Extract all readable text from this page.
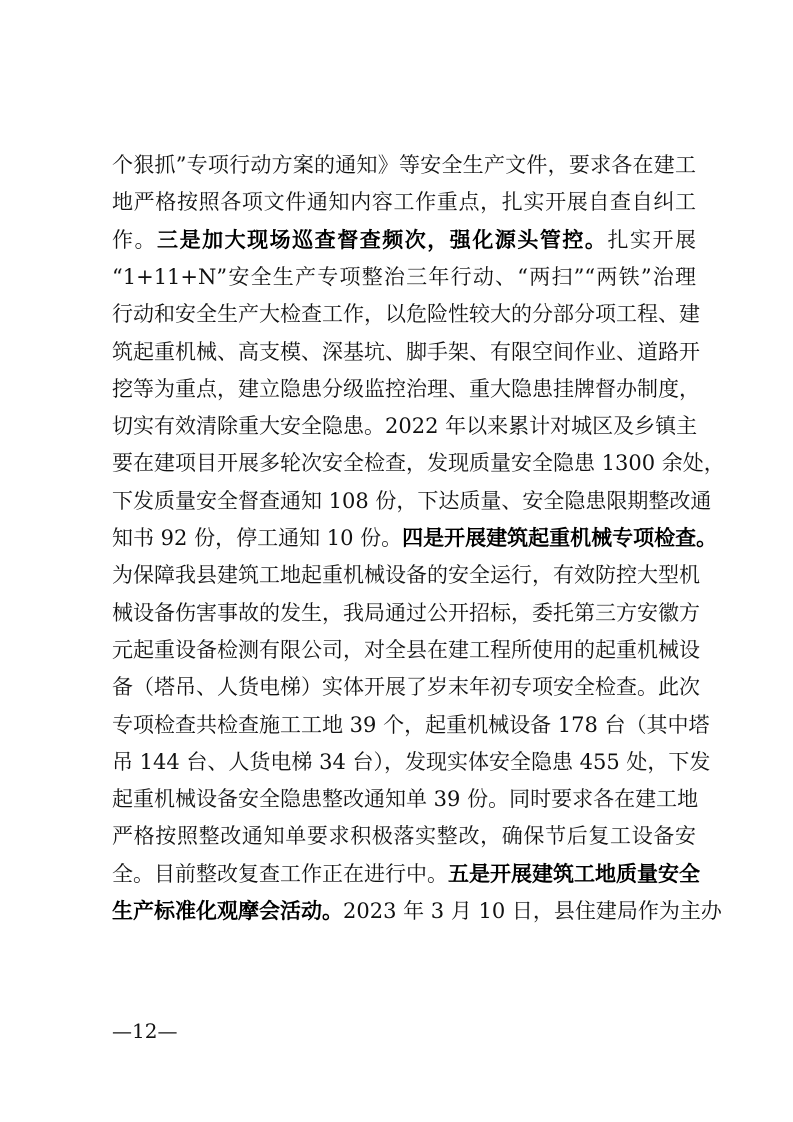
个狠抓”专项行动方案的通知》等安全生产文件，要求各在建工
地严格按照各项文件通知内容工作重点，扎实开展自查自纠工
作。三是加大现场巡查督查频次，强化源头管控。扎实开展
“1+11+N”安全生产专项整治三年行动、“两扫”“两铁”治理
行动和安全生产大检查工作，以危险性较大的分部分项工程、建
筑起重机械、高支模、深基坑、脚手架、有限空间作业、道路开
挖等为重点，建立隐患分级监控治理、重大隐患挂牌督办制度，
切实有效清除重大安全隐患。2022 年以来累计对城区及乡镇主
要在建项目开展多轮次安全检查，发现质量安全隐患 1300 余处，
下发质量安全督查通知 108 份，下达质量、安全隐患限期整改通
知书 92 份，停工通知 10 份。四是开展建筑起重机械专项检查。
为保障我县建筑工地起重机械设备的安全运行，有效防控大型机
械设备伤害事故的发生，我局通过公开招标，委托第三方安徽方
元起重设备检测有限公司，对全县在建工程所使用的起重机械设
备（塔吊、人货电梯）实体开展了岁末年初专项安全检查。此次
专项检查共检查施工工地 39 个，起重机械设备 178 台（其中塔
吊 144 台、人货电梯 34 台），发现实体安全隐患 455 处，下发
起重机械设备安全隐患整改通知单 39 份。同时要求各在建工地
严格按照整改通知单要求积极落实整改，确保节后复工设备安
全。目前整改复查工作正在进行中。五是开展建筑工地质量安全
生产标准化观摩会活动。2023 年 3 月 10 日，县住建局作为主办
—12—
